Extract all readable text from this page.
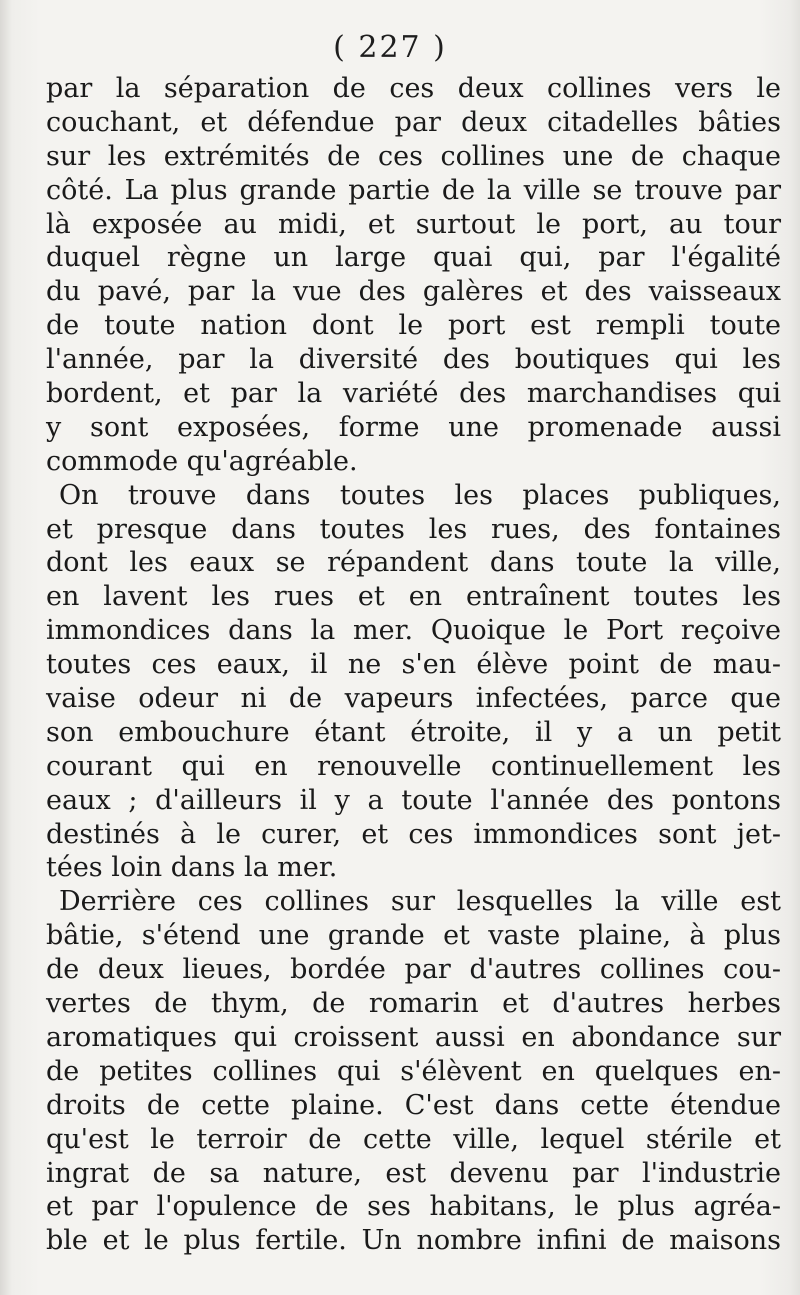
( 227 )
par la séparation de ces deux collines vers le
couchant, et défendue par deux citadelles bâties
sur les extrémités de ces collines une de chaque
côté. La plus grande partie de la ville se trouve par
là exposée au midi, et surtout le port, au tour
duquel règne un large quai qui, par l'égalité
du pavé, par la vue des galères et des vaisseaux
de toute nation dont le port est rempli toute
l'année, par la diversité des boutiques qui les
bordent, et par la variété des marchandises qui
y sont exposées, forme une promenade aussi
commode qu'agréable.
On trouve dans toutes les places publiques,
et presque dans toutes les rues, des fontaines
dont les eaux se répandent dans toute la ville,
en lavent les rues et en entraînent toutes les
immondices dans la mer. Quoique le Port reçoive
toutes ces eaux, il ne s'en élève point de mau-
vaise odeur ni de vapeurs infectées, parce que
son embouchure étant étroite, il y a un petit
courant qui en renouvelle continuellement les
eaux ; d'ailleurs il y a toute l'année des pontons
destinés à le curer, et ces immondices sont jet-
tées loin dans la mer.
Derrière ces collines sur lesquelles la ville est
bâtie, s'étend une grande et vaste plaine, à plus
de deux lieues, bordée par d'autres collines cou-
vertes de thym, de romarin et d'autres herbes
aromatiques qui croissent aussi en abondance sur
de petites collines qui s'élèvent en quelques en-
droits de cette plaine. C'est dans cette étendue
qu'est le terroir de cette ville, lequel stérile et
ingrat de sa nature, est devenu par l'industrie
et par l'opulence de ses habitans, le plus agréa-
ble et le plus fertile. Un nombre infini de maisons
